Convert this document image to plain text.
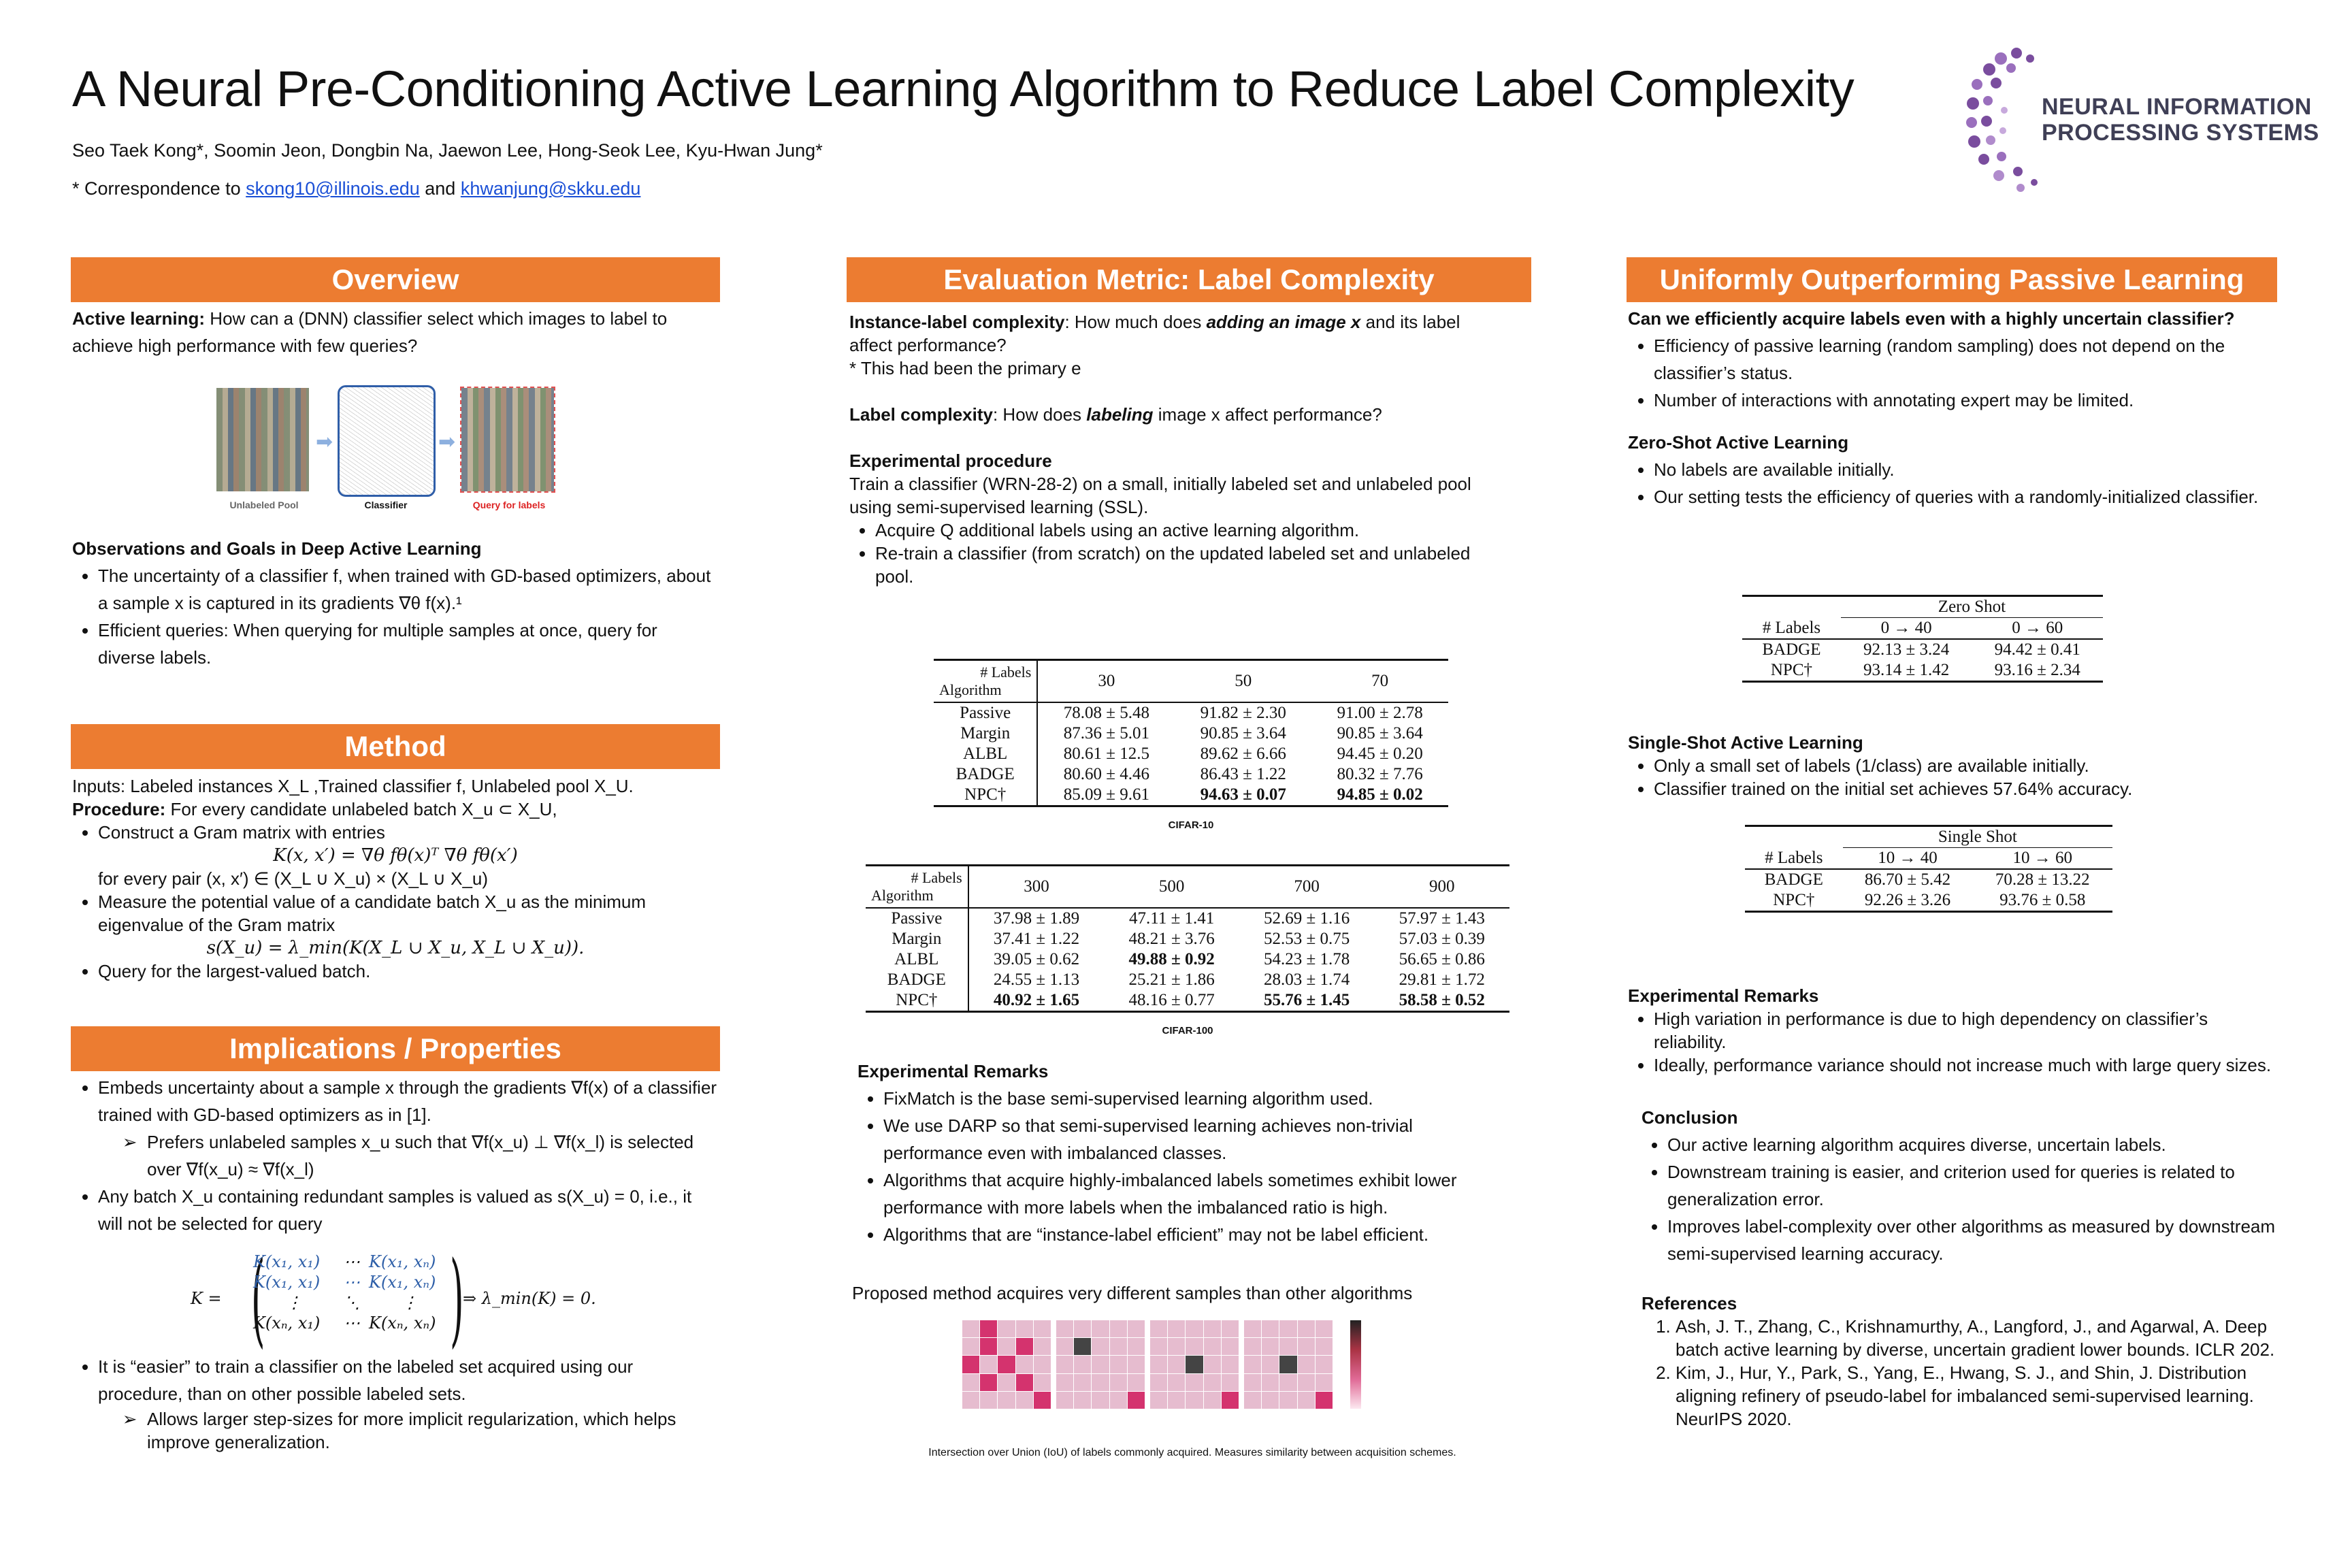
A Neural Pre-Conditioning Active Learning Algorithm to Reduce Label Complexity
Seo Taek Kong*, Soomin Jeon, Dongbin Na, Jaewon Lee, Hong-Seok Lee, Kyu-Hwan Jung*
* Correspondence to skong10@illinois.edu and khwanjung@skku.edu
NEURAL INFORMATION
PROCESSING SYSTEMS
Overview
Active learning: How can a (DNN) classifier select which images to label to achieve high performance with few queries?
➡	➡
Unlabeled Pool	Classifier	Query for labels

Observations and Goals in Deep Active Learning

• The uncertainty of a classifier f, when trained with GD-based optimizers, about a sample x is captured in its gradients ∇θ f(x).¹
• Efficient queries: When querying for multiple samples at once, query for diverse labels.
Method

Inputs: Labeled instances X_L ,Trained classifier f, Unlabeled pool X_U.

Procedure: For every candidate unlabeled batch X_u ⊂ X_U,

• Construct a Gram matrix with entries

K(x, x′) = ∇θ fθ(x)ᵀ ∇θ fθ(x′)

for every pair (x, x′) ∈ (X_L ∪ X_u) × (X_L ∪ X_u)

• Measure the potential value of a candidate batch X_u as the minimum eigenvalue of the Gram matrix

s(X_u) = λ_min(K(X_L ∪ X_u, X_L ∪ X_u)).

• Query for the largest-valued batch.
Implications / Properties
• Embeds uncertainty about a sample x through the gradients ∇f(x) of a classifier trained with GD-based optimizers as in [1].
➢ Prefers unlabeled samples x_u such that ∇f(x_u) ⊥ ∇f(x_l) is selected over ∇f(x_u) ≈ ∇f(x_l)
• Any batch X_u containing redundant samples is valued as s(X_u) = 0, i.e., it will not be selected for query
K = (
K(x₁, x₁)	⋯ K(x₁, xₙ)
K(x₁, x₁)	⋯ K(x₁, xₙ)
⋮	⋱	⋮
K(xₙ, x₁)	⋯ K(xₙ, xₙ) )
⇒ λ_min(K) = 0.
• It is “easier” to train a classifier on the labeled set acquired using our procedure, than on other possible labeled sets.
➢ Allows larger step-sizes for more implicit regularization, which helps improve generalization.
Evaluation Metric: Label Complexity

Instance-label complexity: How much does adding an image x and its label affect performance?

* This had been the primary e

Label complexity: How does labeling image x affect performance?

Experimental procedure

Train a classifier (WRN-28-2) on a small, initially labeled set and unlabeled pool using semi-supervised learning (SSL).

• Acquire Q additional labels using an active learning algorithm.
• Re-train a classifier (from scratch) on the updated labeled set and unlabeled pool.
# Labels
Algorithm	30	50	70
Passive	78.08 ± 5.48	91.82 ± 2.30	91.00 ± 2.78
Margin	87.36 ± 5.01	90.85 ± 3.64	90.85 ± 3.64
ALBL	80.61 ± 12.5	89.62 ± 6.66	94.45 ± 0.20
BADGE	80.60 ± 4.46	86.43 ± 1.22	80.32 ± 7.76
NPC†	85.09 ± 9.61	94.63 ± 0.07	94.85 ± 0.02
CIFAR-10
# Labels
Algorithm	300	500	700	900
Passive	37.98 ± 1.89	47.11 ± 1.41	52.69 ± 1.16	57.97 ± 1.43
Margin	37.41 ± 1.22	48.21 ± 3.76	52.53 ± 0.75	57.03 ± 0.39
ALBL	39.05 ± 0.62	49.88 ± 0.92	54.23 ± 1.78	56.65 ± 0.86
BADGE	24.55 ± 1.13	25.21 ± 1.86	28.03 ± 1.74	29.81 ± 1.72
NPC†	40.92 ± 1.65	48.16 ± 0.77	55.76 ± 1.45	58.58 ± 0.52
CIFAR-100

Experimental Remarks

• FixMatch is the base semi-supervised learning algorithm used.
• We use DARP so that semi-supervised learning achieves non-trivial performance even with imbalanced classes.
• Algorithms that acquire highly-imbalanced labels sometimes exhibit lower performance with more labels when the imbalanced ratio is high.
• Algorithms that are “instance-label efficient” may not be label efficient.
Proposed method acquires very different samples than other algorithms
Intersection over Union (IoU) of labels commonly acquired. Measures similarity between acquisition schemes.
Uniformly Outperforming Passive Learning

Can we efficiently acquire labels even with a highly uncertain classifier?

• Efficiency of passive learning (random sampling) does not depend on the classifier’s status.
• Number of interactions with annotating expert may be limited.

Zero-Shot Active Learning

• No labels are available initially.
• Our setting tests the efficiency of queries with a randomly-initialized classifier.
	Zero Shot	
# Labels	0 → 40	0 → 60
BADGE	92.13 ± 3.24	94.42 ± 0.41
NPC†	93.14 ± 1.42	93.16 ± 2.34

Single-Shot Active Learning

• Only a small set of labels (1/class) are available initially.
• Classifier trained on the initial set achieves 57.64% accuracy.
	Single Shot	
# Labels	10 → 40	10 → 60
BADGE	86.70 ± 5.42	70.28 ± 13.22
NPC†	92.26 ± 3.26	93.76 ± 0.58

Experimental Remarks

• High variation in performance is due to high dependency on classifier’s reliability.
• Ideally, performance variance should not increase much with large query sizes.

Conclusion

• Our active learning algorithm acquires diverse, uncertain labels.
• Downstream training is easier, and criterion used for queries is related to generalization error.
• Improves label-complexity over other algorithms as measured by downstream semi-supervised learning accuracy.

References

1. Ash, J. T., Zhang, C., Krishnamurthy, A., Langford, J., and Agarwal, A. Deep batch active learning by diverse, uncertain gradient lower bounds. ICLR 202.
2. Kim, J., Hur, Y., Park, S., Yang, E., Hwang, S. J., and Shin, J. Distribution aligning refinery of pseudo-label for imbalanced semi-supervised learning. NeurIPS 2020.
